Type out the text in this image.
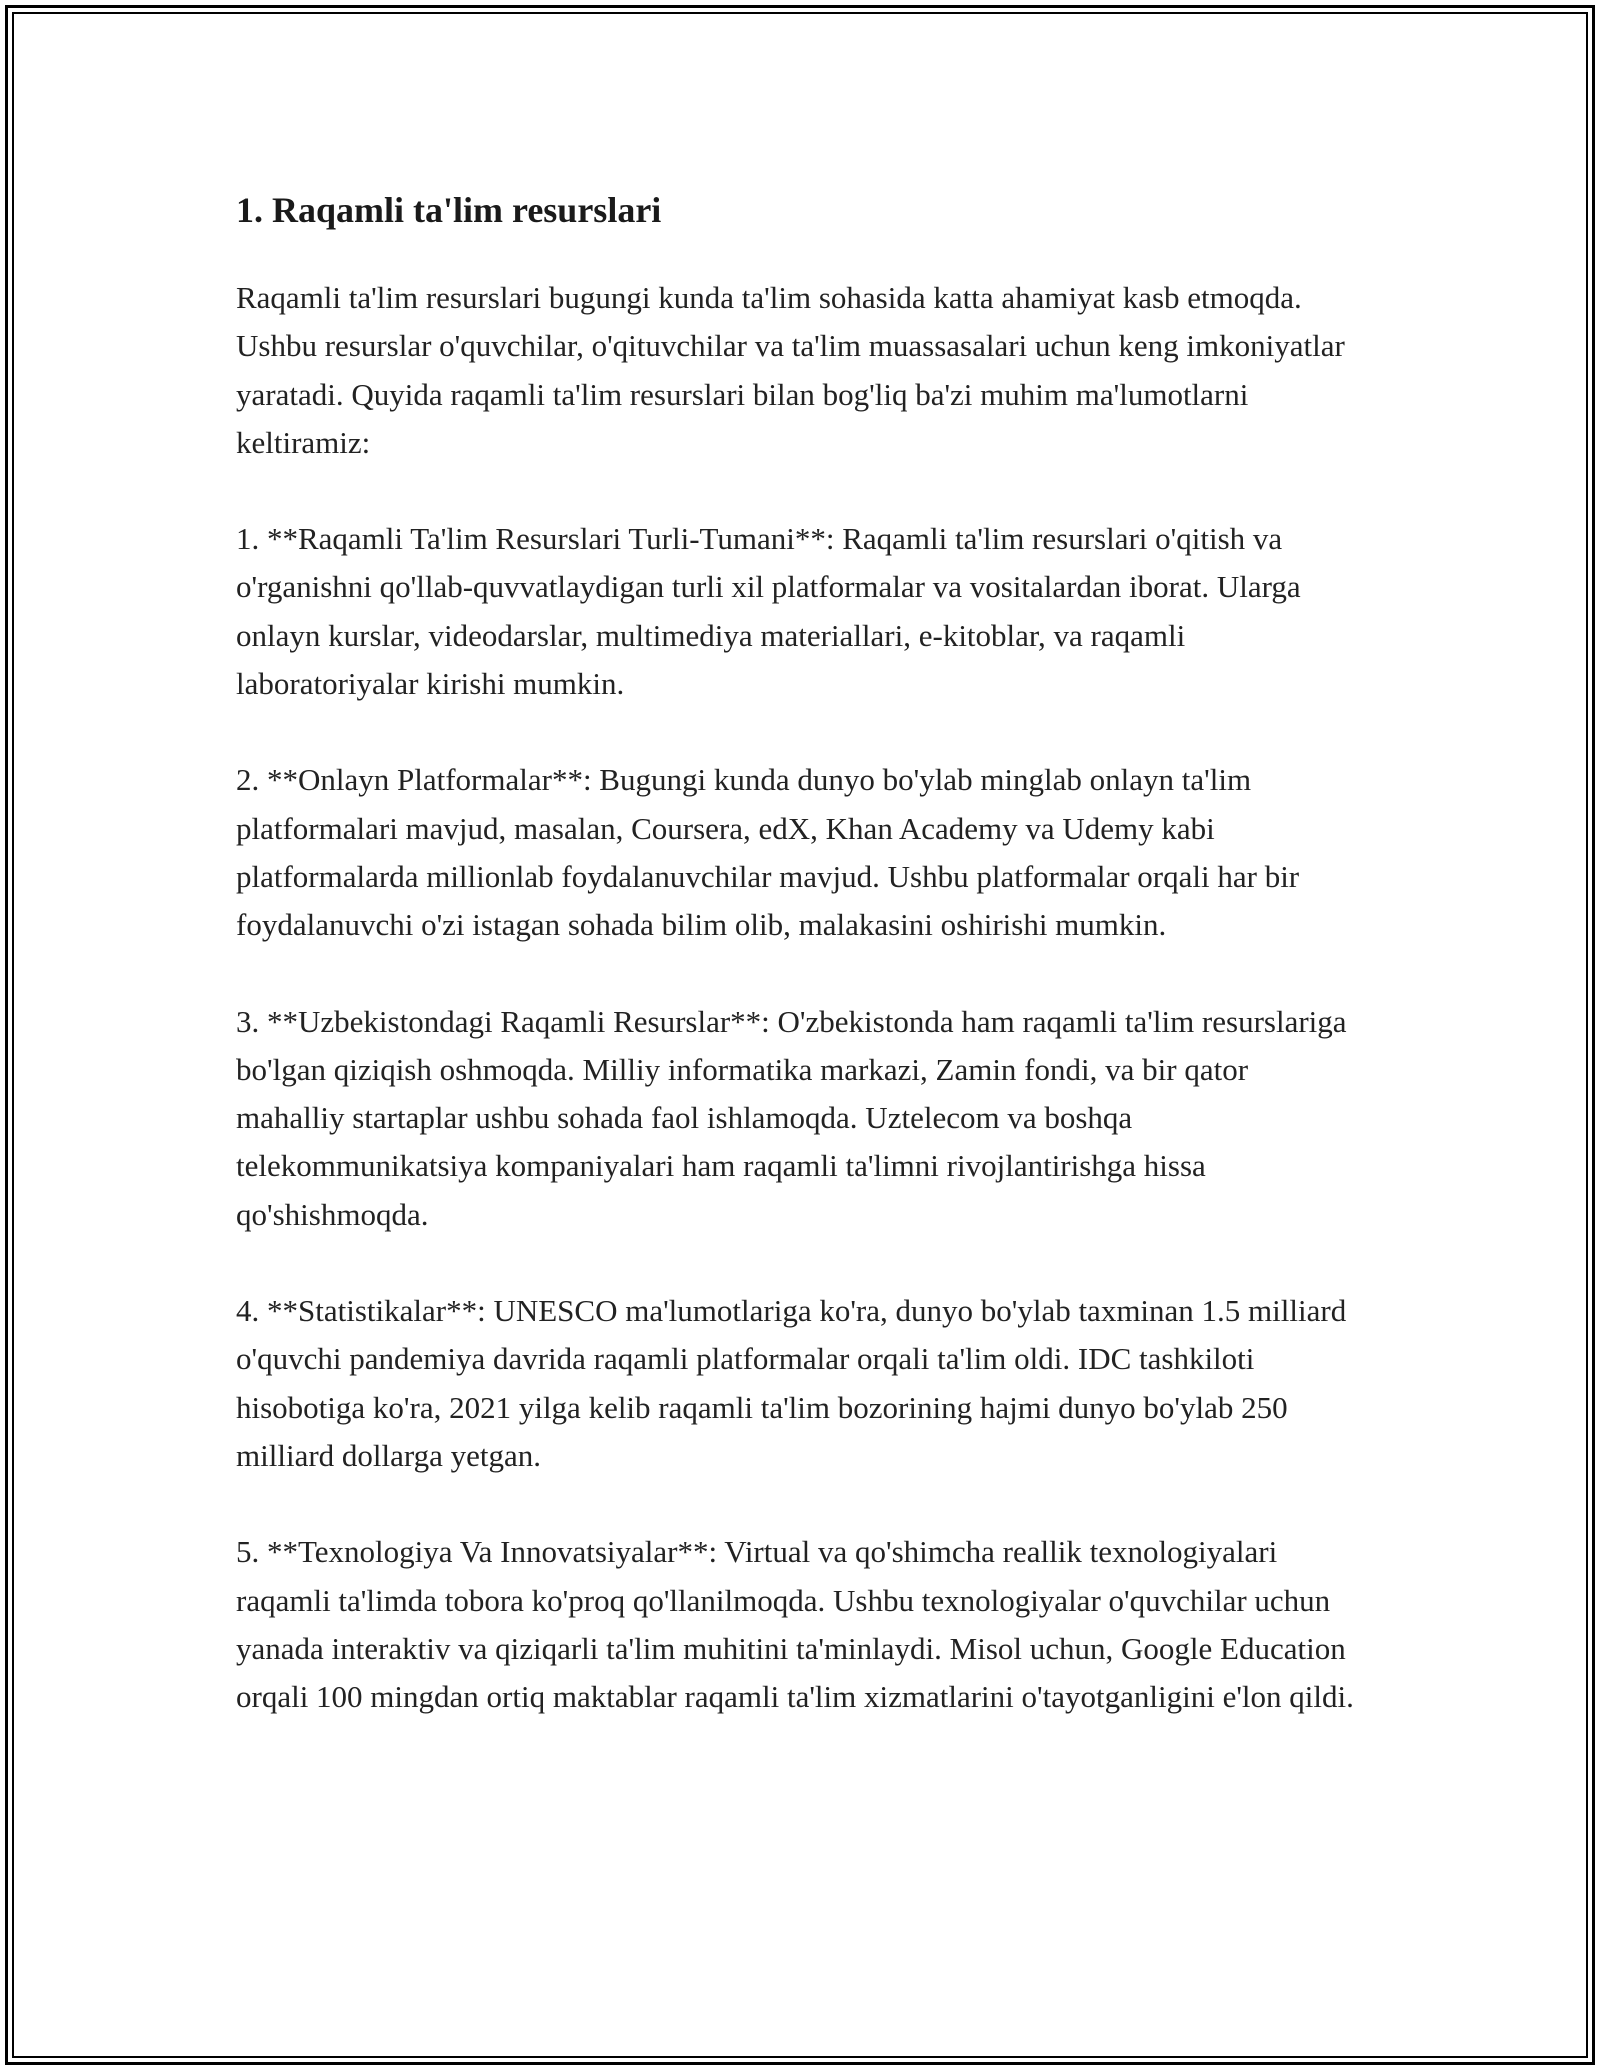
1. Raqamli ta'lim resurslari

Raqamli ta'lim resurslari bugungi kunda ta'lim sohasida katta ahamiyat kasb etmoqda. Ushbu resurslar o'quvchilar, o'qituvchilar va ta'lim muassasalari uchun keng imkoniyatlar yaratadi. Quyida raqamli ta'lim resurslari bilan bog'liq ba'zi muhim ma'lumotlarni keltiramiz:

1. **Raqamli Ta'lim Resurslari Turli-Tumani**: Raqamli ta'lim resurslari o'qitish va o'rganishni qo'llab-quvvatlaydigan turli xil platformalar va vositalardan iborat. Ularga onlayn kurslar, videodarslar, multimediya materiallari, e-kitoblar, va raqamli laboratoriyalar kirishi mumkin.

2. **Onlayn Platformalar**: Bugungi kunda dunyo bo'ylab minglab onlayn ta'lim platformalari mavjud, masalan, Coursera, edX, Khan Academy va Udemy kabi platformalarda millionlab foydalanuvchilar mavjud. Ushbu platformalar orqali har bir foydalanuvchi o'zi istagan sohada bilim olib, malakasini oshirishi mumkin.

3. **Uzbekistondagi Raqamli Resurslar**: O'zbekistonda ham raqamli ta'lim resurslariga bo'lgan qiziqish oshmoqda. Milliy informatika markazi, Zamin fondi, va bir qator mahalliy startaplar ushbu sohada faol ishlamoqda. Uztelecom va boshqa telekommunikatsiya kompaniyalari ham raqamli ta'limni rivojlantirishga hissa qo'shishmoqda.

4. **Statistikalar**: UNESCO ma'lumotlariga ko'ra, dunyo bo'ylab taxminan 1.5 milliard o'quvchi pandemiya davrida raqamli platformalar orqali ta'lim oldi. IDC tashkiloti hisobotiga ko'ra, 2021 yilga kelib raqamli ta'lim bozorining hajmi dunyo bo'ylab 250 milliard dollarga yetgan.

5. **Texnologiya Va Innovatsiyalar**: Virtual va qo'shimcha reallik texnologiyalari raqamli ta'limda tobora ko'proq qo'llanilmoqda. Ushbu texnologiyalar o'quvchilar uchun yanada interaktiv va qiziqarli ta'lim muhitini ta'minlaydi. Misol uchun, Google Education orqali 100 mingdan ortiq maktablar raqamli ta'lim xizmatlarini o'tayotganligini e'lon qildi.
